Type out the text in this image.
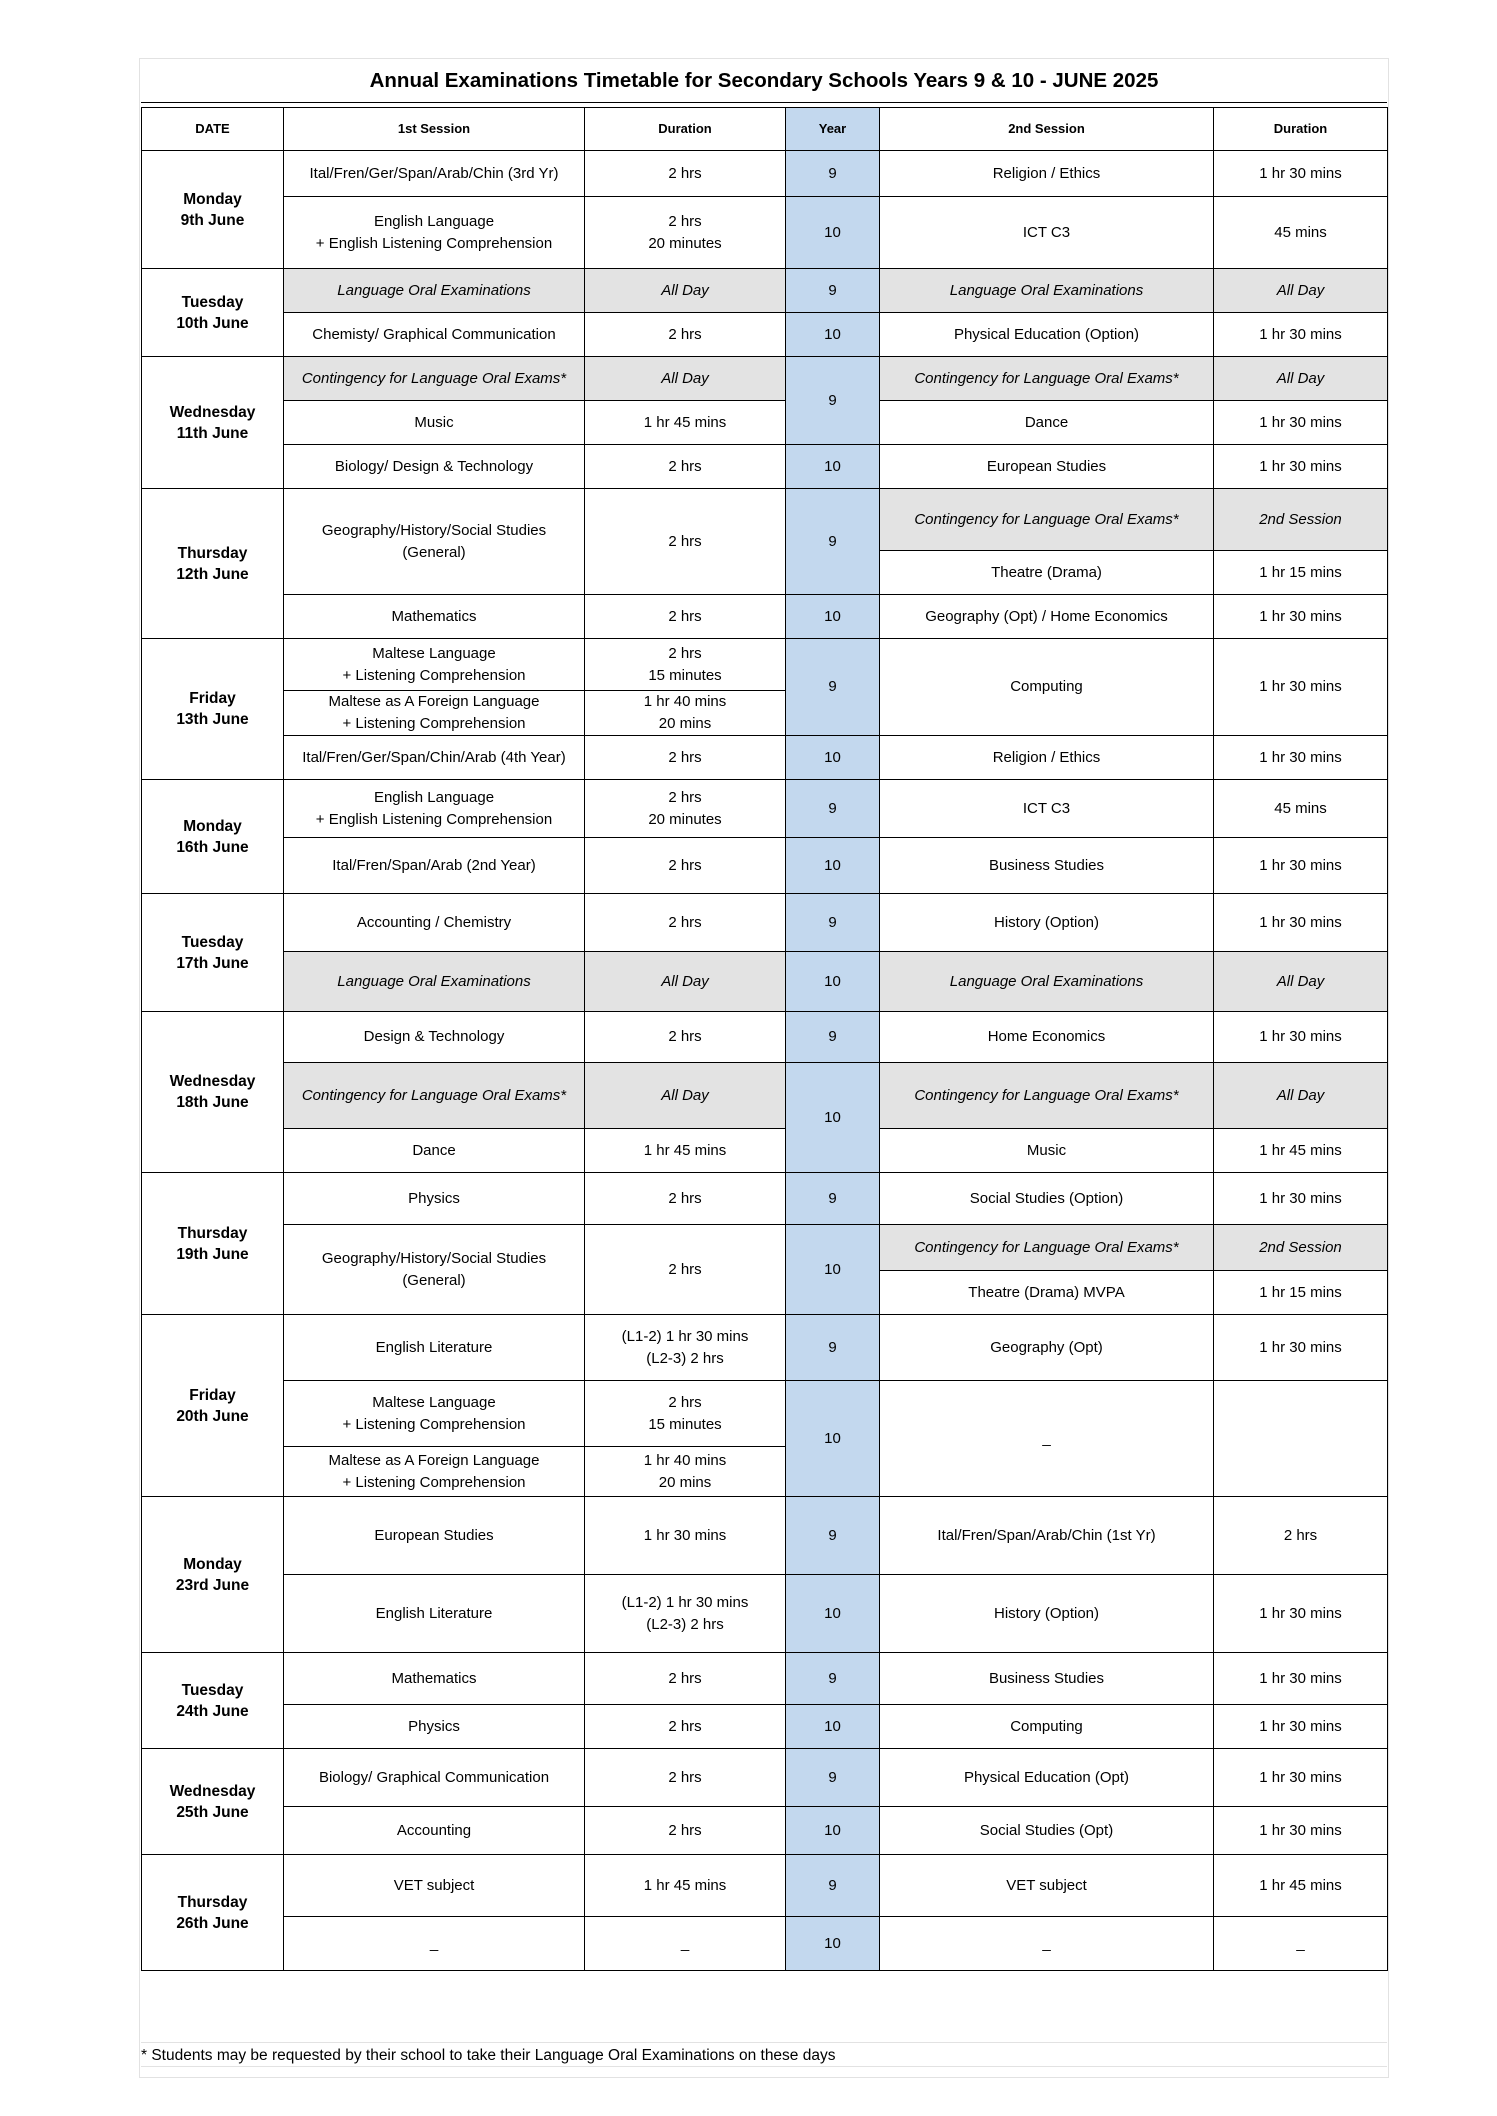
Annual Examinations Timetable for Secondary Schools Years 9 & 10 - JUNE 2025
DATE	1st Session	Duration	Year	2nd Session	Duration
Monday
9th June	Ital/Fren/Ger/Span/Arab/Chin (3rd Yr)	2 hrs	9	Religion / Ethics	1 hr 30 mins
	English Language
+ English Listening Comprehension	2 hrs
20 minutes	10	ICT C3	45 mins
Tuesday
10th June	Language Oral Examinations	All Day	9	Language Oral Examinations	All Day
	Chemisty/ Graphical Communication	2 hrs	10	Physical Education (Option)	1 hr 30 mins
Wednesday
11th June	Contingency for Language Oral Exams*	All Day	9	Contingency for Language Oral Exams*	All Day
	Music	1 hr 45 mins		Dance	1 hr 30 mins
	Biology/ Design & Technology	2 hrs	10	European Studies	1 hr 30 mins
Thursday
12th June	Geography/History/Social Studies
(General)	2 hrs	9	Contingency for Language Oral Exams*	2nd Session
				Theatre (Drama)	1 hr 15 mins
	Mathematics	2 hrs	10	Geography (Opt) / Home Economics	1 hr 30 mins
Friday
13th June	Maltese Language
+ Listening Comprehension	2 hrs
15 minutes	9	Computing	1 hr 30 mins
	Maltese as A Foreign Language
+ Listening Comprehension	1 hr 40 mins
20 mins			
	Ital/Fren/Ger/Span/Chin/Arab (4th Year)	2 hrs	10	Religion / Ethics	1 hr 30 mins
Monday
16th June	English Language
+ English Listening Comprehension	2 hrs
20 minutes	9	ICT C3	45 mins
	Ital/Fren/Span/Arab (2nd Year)	2 hrs	10	Business Studies	1 hr 30 mins
Tuesday
17th June	Accounting / Chemistry	2 hrs	9	History (Option)	1 hr 30 mins
	Language Oral Examinations	All Day	10	Language Oral Examinations	All Day
Wednesday
18th June	Design & Technology	2 hrs	9	Home Economics	1 hr 30 mins
	Contingency for Language Oral Exams*	All Day	10	Contingency for Language Oral Exams*	All Day
	Dance	1 hr 45 mins		Music	1 hr 45 mins
Thursday
19th June	Physics	2 hrs	9	Social Studies (Option)	1 hr 30 mins
	Geography/History/Social Studies
(General)	2 hrs	10	Contingency for Language Oral Exams*	2nd Session
				Theatre (Drama) MVPA	1 hr 15 mins
Friday
20th June	English Literature	(L1-2) 1 hr 30 mins
(L2-3) 2 hrs	9	Geography (Opt)	1 hr 30 mins
	Maltese Language
+ Listening Comprehension	2 hrs
15 minutes	10	_	
	Maltese as A Foreign Language
+ Listening Comprehension	1 hr 40 mins
20 mins			
Monday
23rd June	European Studies	1 hr 30 mins	9	Ital/Fren/Span/Arab/Chin (1st Yr)	2 hrs
	English Literature	(L1-2) 1 hr 30 mins
(L2-3) 2 hrs	10	History (Option)	1 hr 30 mins
Tuesday
24th June	Mathematics	2 hrs	9	Business Studies	1 hr 30 mins
	Physics	2 hrs	10	Computing	1 hr 30 mins
Wednesday
25th June	Biology/ Graphical Communication	2 hrs	9	Physical Education (Opt)	1 hr 30 mins
	Accounting	2 hrs	10	Social Studies (Opt)	1 hr 30 mins
Thursday
26th June	VET subject	1 hr 45 mins	9	VET subject	1 hr 45 mins
	_	_	10	_	_
* Students may be requested by their school to take their Language Oral Examinations on these days
